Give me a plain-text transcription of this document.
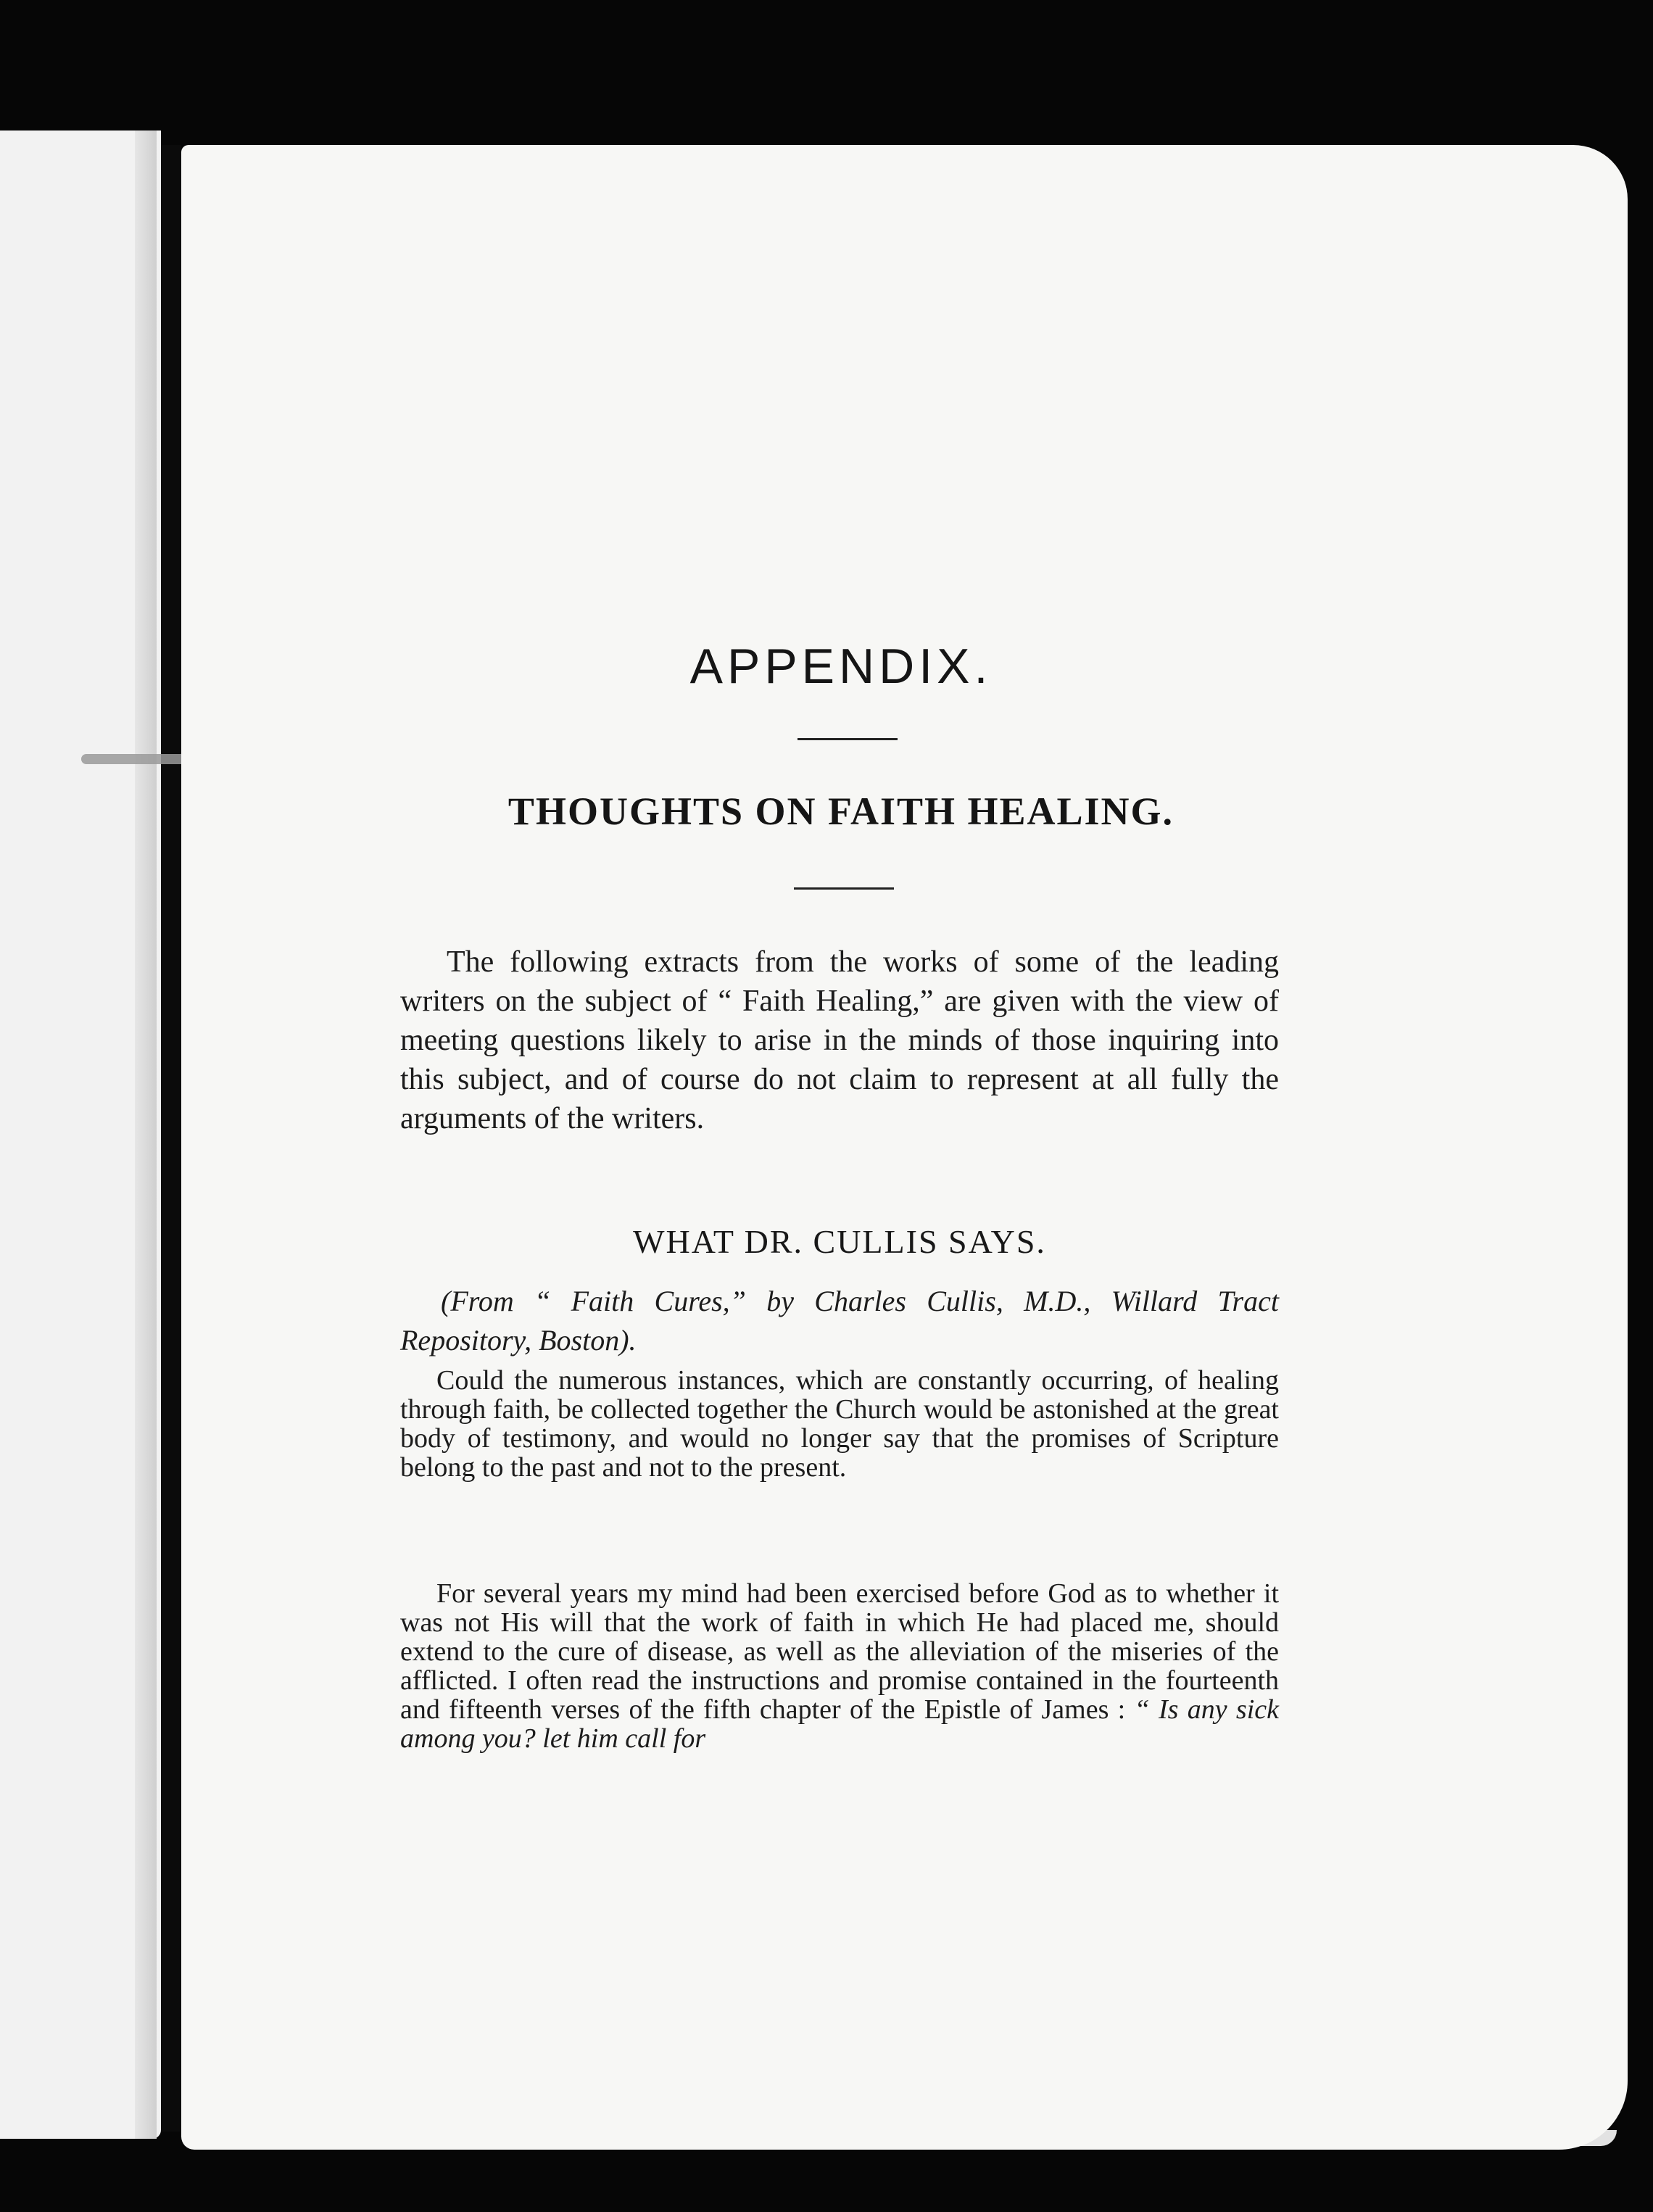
APPENDIX.
THOUGHTS ON FAITH HEALING.

The following extracts from the works of some of the leading writers on the subject of “ Faith Healing,” are given with the view of meeting questions likely to arise in the minds of those inquiring into this subject, and of course do not claim to represent at all fully the arguments of the writers.

WHAT DR. CULLIS SAYS.

(From “ Faith Cures,” by Charles Cullis, M.D., Willard Tract Repository, Boston).

Could the numerous instances, which are constantly occurring, of healing through faith, be collected together the Church would be astonished at the great body of testimony, and would no longer say that the promises of Scripture belong to the past and not to the present.

For several years my mind had been exercised before God as to whether it was not His will that the work of faith in which He had placed me, should extend to the cure of disease, as well as the alleviation of the miseries of the afflicted. I often read the instructions and promise contained in the fourteenth and fifteenth verses of the fifth chapter of the Epistle of James : “ Is any sick among you? let him call for
